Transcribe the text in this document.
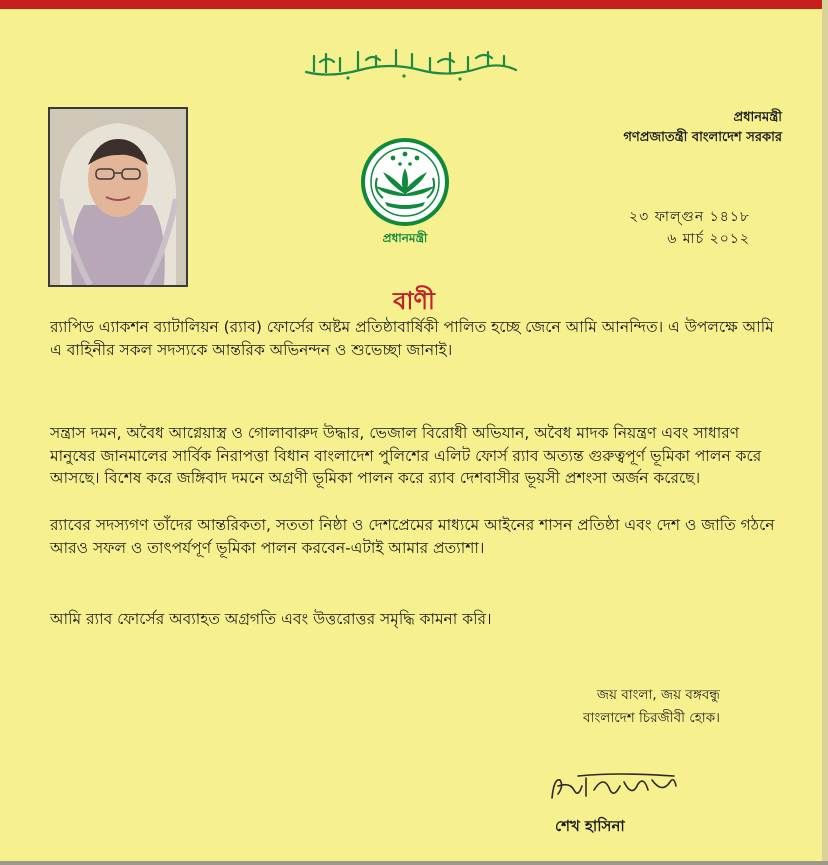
প্রধানমন্ত্রী
প্রধানমন্ত্রী
গণপ্রজাতন্ত্রী বাংলাদেশ সরকার
২৩ ফাল্গুন ১৪১৮
৬ মার্চ ২০১২
বাণী
র‍্যাপিড এ্যাকশন ব্যাটালিয়ন (র‍্যাব) ফোর্সের অষ্টম প্রতিষ্ঠাবার্ষিকী পালিত হচ্ছে জেনে আমি আনন্দিত। এ উপলক্ষে আমি এ বাহিনীর সকল সদস্যকে আন্তরিক অভিনন্দন ও শুভেচ্ছা জানাই।
সন্ত্রাস দমন, অবৈধ আগ্নেয়াস্ত্র ও গোলাবারুদ উদ্ধার, ভেজাল বিরোধী অভিযান, অবৈধ মাদক নিয়ন্ত্রণ এবং সাধারণ মানুষের জানমালের সার্বিক নিরাপত্তা বিধান বাংলাদেশ পুলিশের এলিট ফোর্স র‍্যাব অত্যন্ত গুরুত্বপূর্ণ ভূমিকা পালন করে আসছে। বিশেষ করে জঙ্গিবাদ দমনে অগ্রণী ভূমিকা পালন করে র‍্যাব দেশবাসীর ভূয়সী প্রশংসা অর্জন করেছে।
র‍্যাবের সদস্যগণ তাঁদের আন্তরিকতা, সততা নিষ্ঠা ও দেশপ্রেমের মাধ্যমে আইনের শাসন প্রতিষ্ঠা এবং দেশ ও জাতি গঠনে আরও সফল ও তাৎপর্যপূর্ণ ভূমিকা পালন করবেন-এটাই আমার প্রত্যাশা।
আমি র‍্যাব ফোর্সের অব্যাহত অগ্রগতি এবং উত্তরোত্তর সমৃদ্ধি কামনা করি।
জয় বাংলা, জয় বঙ্গবন্ধু
বাংলাদেশ চিরজীবী হোক।
শেখ হাসিনা
